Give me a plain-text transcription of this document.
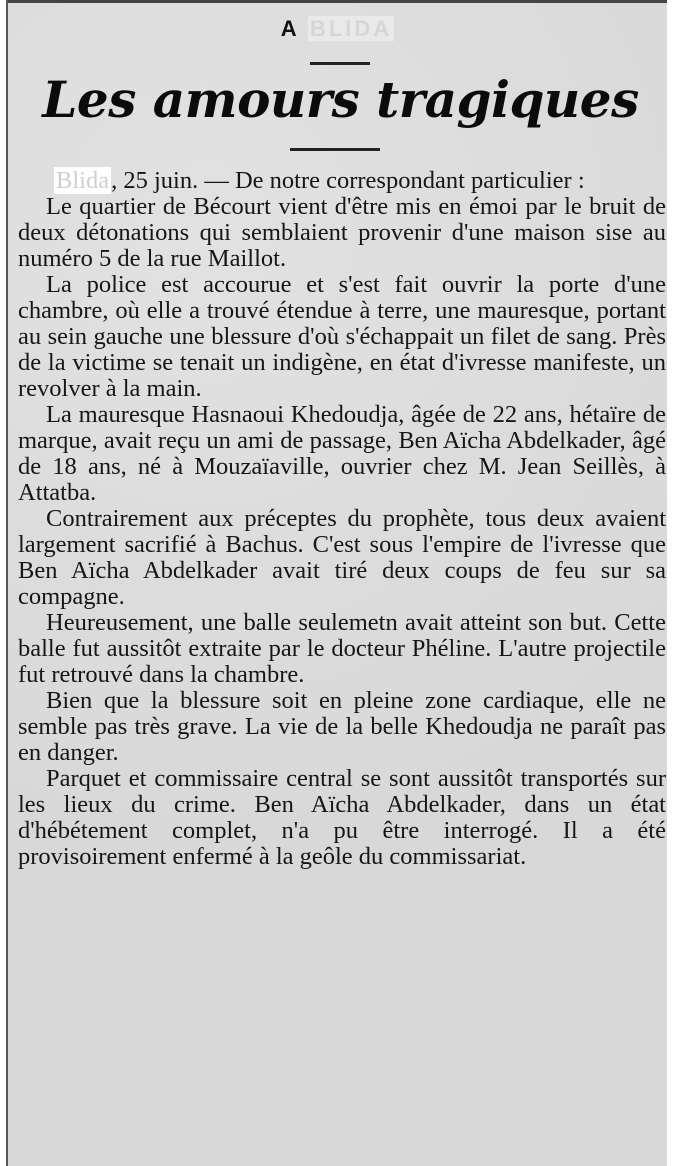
A BLIDA
Les amours tragiques

Blida, 25 juin. — De notre correspondant particulier :

Le quartier de Bécourt vient d'être mis en émoi par le bruit de deux détonations qui semblaient provenir d'une maison sise au numéro 5 de la rue Maillot.

La police est accourue et s'est fait ouvrir la porte d'une chambre, où elle a trouvé étendue à terre, une mauresque, portant au sein gauche une blessure d'où s'échappait un filet de sang. Près de la victime se tenait un indigène, en état d'ivresse manifeste, un revolver à la main.

La mauresque Hasnaoui Khedoudja, âgée de 22 ans, hétaïre de marque, avait reçu un ami de passage, Ben Aïcha Abdelkader, âgé de 18 ans, né à Mouzaïaville, ouvrier chez M. Jean Seillès, à Attatba.

Contrairement aux préceptes du prophète, tous deux avaient largement sacrifié à Bachus. C'est sous l'empire de l'ivresse que Ben Aïcha Abdelkader avait tiré deux coups de feu sur sa compagne.

Heureusement, une balle seulemetn avait atteint son but. Cette balle fut aussitôt extraite par le docteur Phéline. L'autre projectile fut retrouvé dans la chambre.

Bien que la blessure soit en pleine zone cardiaque, elle ne semble pas très grave. La vie de la belle Khedoudja ne paraît pas en danger.

Parquet et commissaire central se sont aussitôt transportés sur les lieux du crime. Ben Aïcha Abdelkader, dans un état d'hébétement complet, n'a pu être interrogé. Il a été provisoirement enfermé à la geôle du commissariat.
